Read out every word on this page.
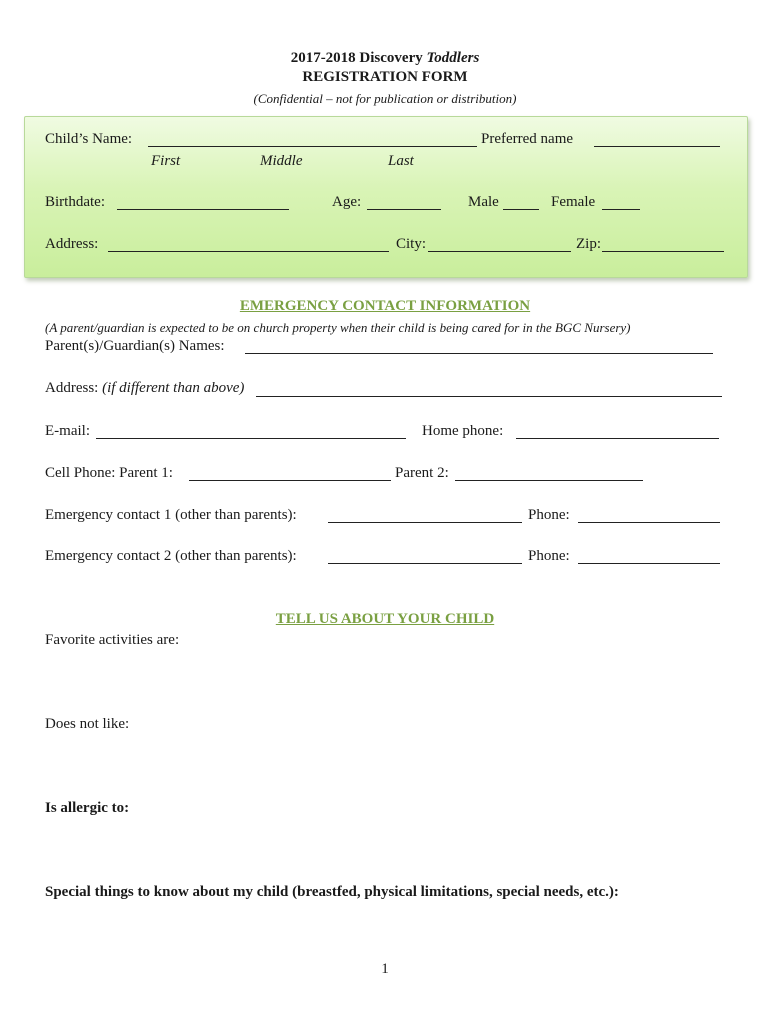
2017-2018 Discovery Toddlers
REGISTRATION FORM
(Confidential – not for publication or distribution)
Child’s Name:	Preferred name
First	Middle	Last
Birthdate:	Age:	Male	Female
Address:	City:	Zip:
EMERGENCY CONTACT INFORMATION
(A parent/guardian is expected to be on church property when their child is being cared for in the BGC Nursery)
Parent(s)/Guardian(s) Names:
Address: (if different than above)
E-mail:	Home phone:
Cell Phone: Parent 1:	Parent 2:
Emergency contact 1 (other than parents):	Phone:
Emergency contact 2 (other than parents):	Phone:
TELL US ABOUT YOUR CHILD
Favorite activities are:
Does not like:
Is allergic to:
Special things to know about my child (breastfed, physical limitations, special needs, etc.):
1
